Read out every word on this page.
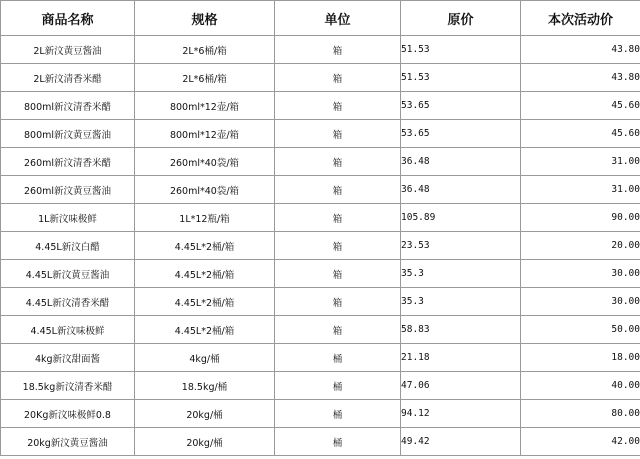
商品名称	规格	单位	原价	本次活动价
2L新汶黄豆酱油	2L*6桶/箱	箱	51.53	43.80
2L新汶清香米醋	2L*6桶/箱	箱	51.53	43.80
800ml新汶清香米醋	800ml*12壶/箱	箱	53.65	45.60
800ml新汶黄豆酱油	800ml*12壶/箱	箱	53.65	45.60
260ml新汶清香米醋	260ml*40袋/箱	箱	36.48	31.00
260ml新汶黄豆酱油	260ml*40袋/箱	箱	36.48	31.00
1L新汶味极鲜	1L*12瓶/箱	箱	105.89	90.00
4.45L新汶白醋	4.45L*2桶/箱	箱	23.53	20.00
4.45L新汶黄豆酱油	4.45L*2桶/箱	箱	35.3	30.00
4.45L新汶清香米醋	4.45L*2桶/箱	箱	35.3	30.00
4.45L新汶味极鲜	4.45L*2桶/箱	箱	58.83	50.00
4kg新汶甜面酱	4kg/桶	桶	21.18	18.00
18.5kg新汶清香米醋	18.5kg/桶	桶	47.06	40.00
20Kg新汶味极鲜0.8	20kg/桶	桶	94.12	80.00
20kg新汶黄豆酱油	20kg/桶	桶	49.42	42.00
